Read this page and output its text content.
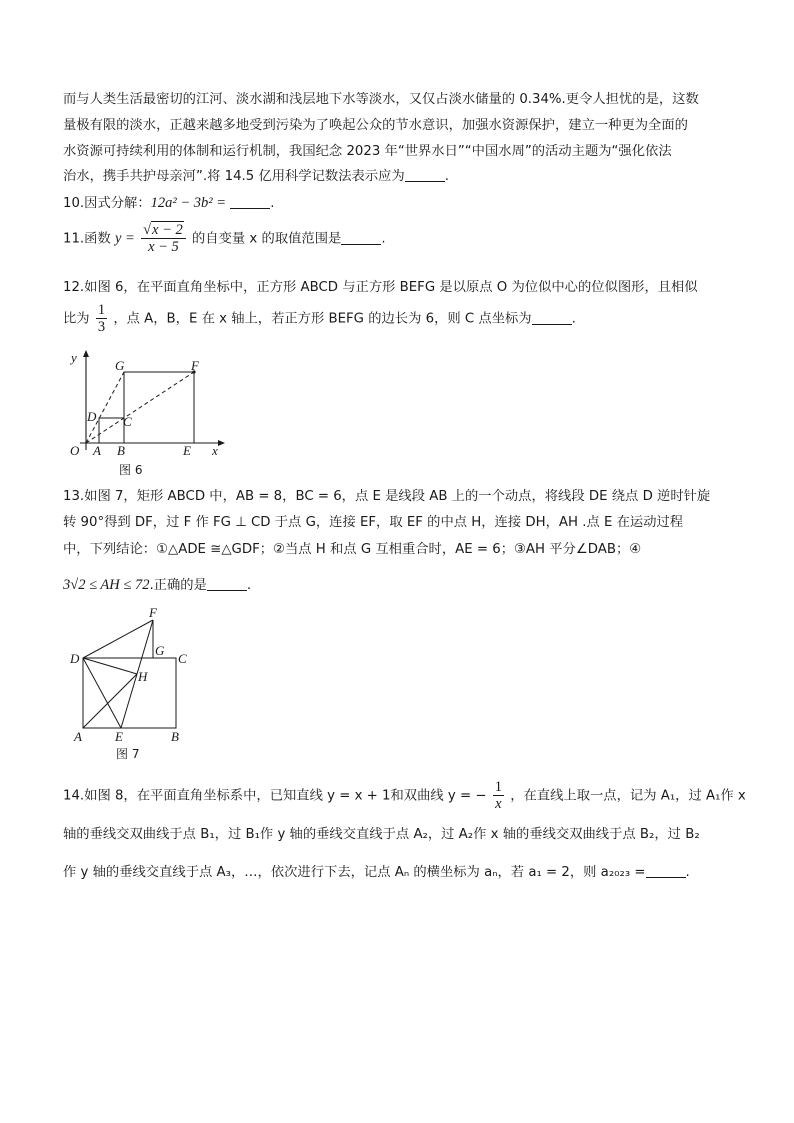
而与人类生活最密切的江河、淡水湖和浅层地下水等淡水，又仅占淡水储量的 0.34%.更令人担忧的是，这数
量极有限的淡水，正越来越多地受到污染为了唤起公众的节水意识，加强水资源保护，建立一种更为全面的
水资源可持续利用的体制和运行机制，我国纪念 2023 年“世界水日”“中国水周”的活动主题为“强化依法
治水，携手共护母亲河”.将 14.5 亿用科学记数法表示应为	.
10.因式分解：12a² − 3b² =	.
11.函数 $y = \frac{√x - 2}{x - 5}$ 的自变量 x 的取值范围是	.
12.如图 6，在平面直角坐标中，正方形 ABCD 与正方形 BEFG 是以原点 O 为位似中心的位似图形，且相似
比为 $\frac{1}{3}$ ，点 A，B，E 在 x 轴上，若正方形 BEFG 的边长为 6，则 C 点坐标为	.
y
x
O A B	E
C
D
G	F
图 6
13.如图 7，矩形 ABCD 中，AB = 8，BC = 6，点 E 是线段 AB 上的一个动点，将线段 DE 绕点 D 逆时针旋
转 90°得到 DF，过 F 作 FG ⊥ CD 于点 G，连接 EF，取 EF 的中点 H，连接 DH，AH .点 E 在运动过程
中，下列结论：①△ADE ≅△GDF；②当点 H 和点 G 互相重合时，AE = 6；③AH 平分∠DAB；④
3√2 ≤ AH ≤ 72.正确的是	.
F
G
C
D
H
A	E	B
图 7
14.如图 8，在平面直角坐标系中，已知直线 y = x + 1和双曲线 y = − $\frac{1}{x}$ ，在直线上取一点，记为 A₁，过 A₁作 x
轴的垂线交双曲线于点 B₁，过 B₁作 y 轴的垂线交直线于点 A₂，过 A₂作 x 轴的垂线交双曲线于点 B₂，过 B₂
作 y 轴的垂线交直线于点 A₃，…，依次进行下去，记点 Aₙ 的横坐标为 aₙ，若 a₁ = 2，则 a₂₀₂₃ =	.
